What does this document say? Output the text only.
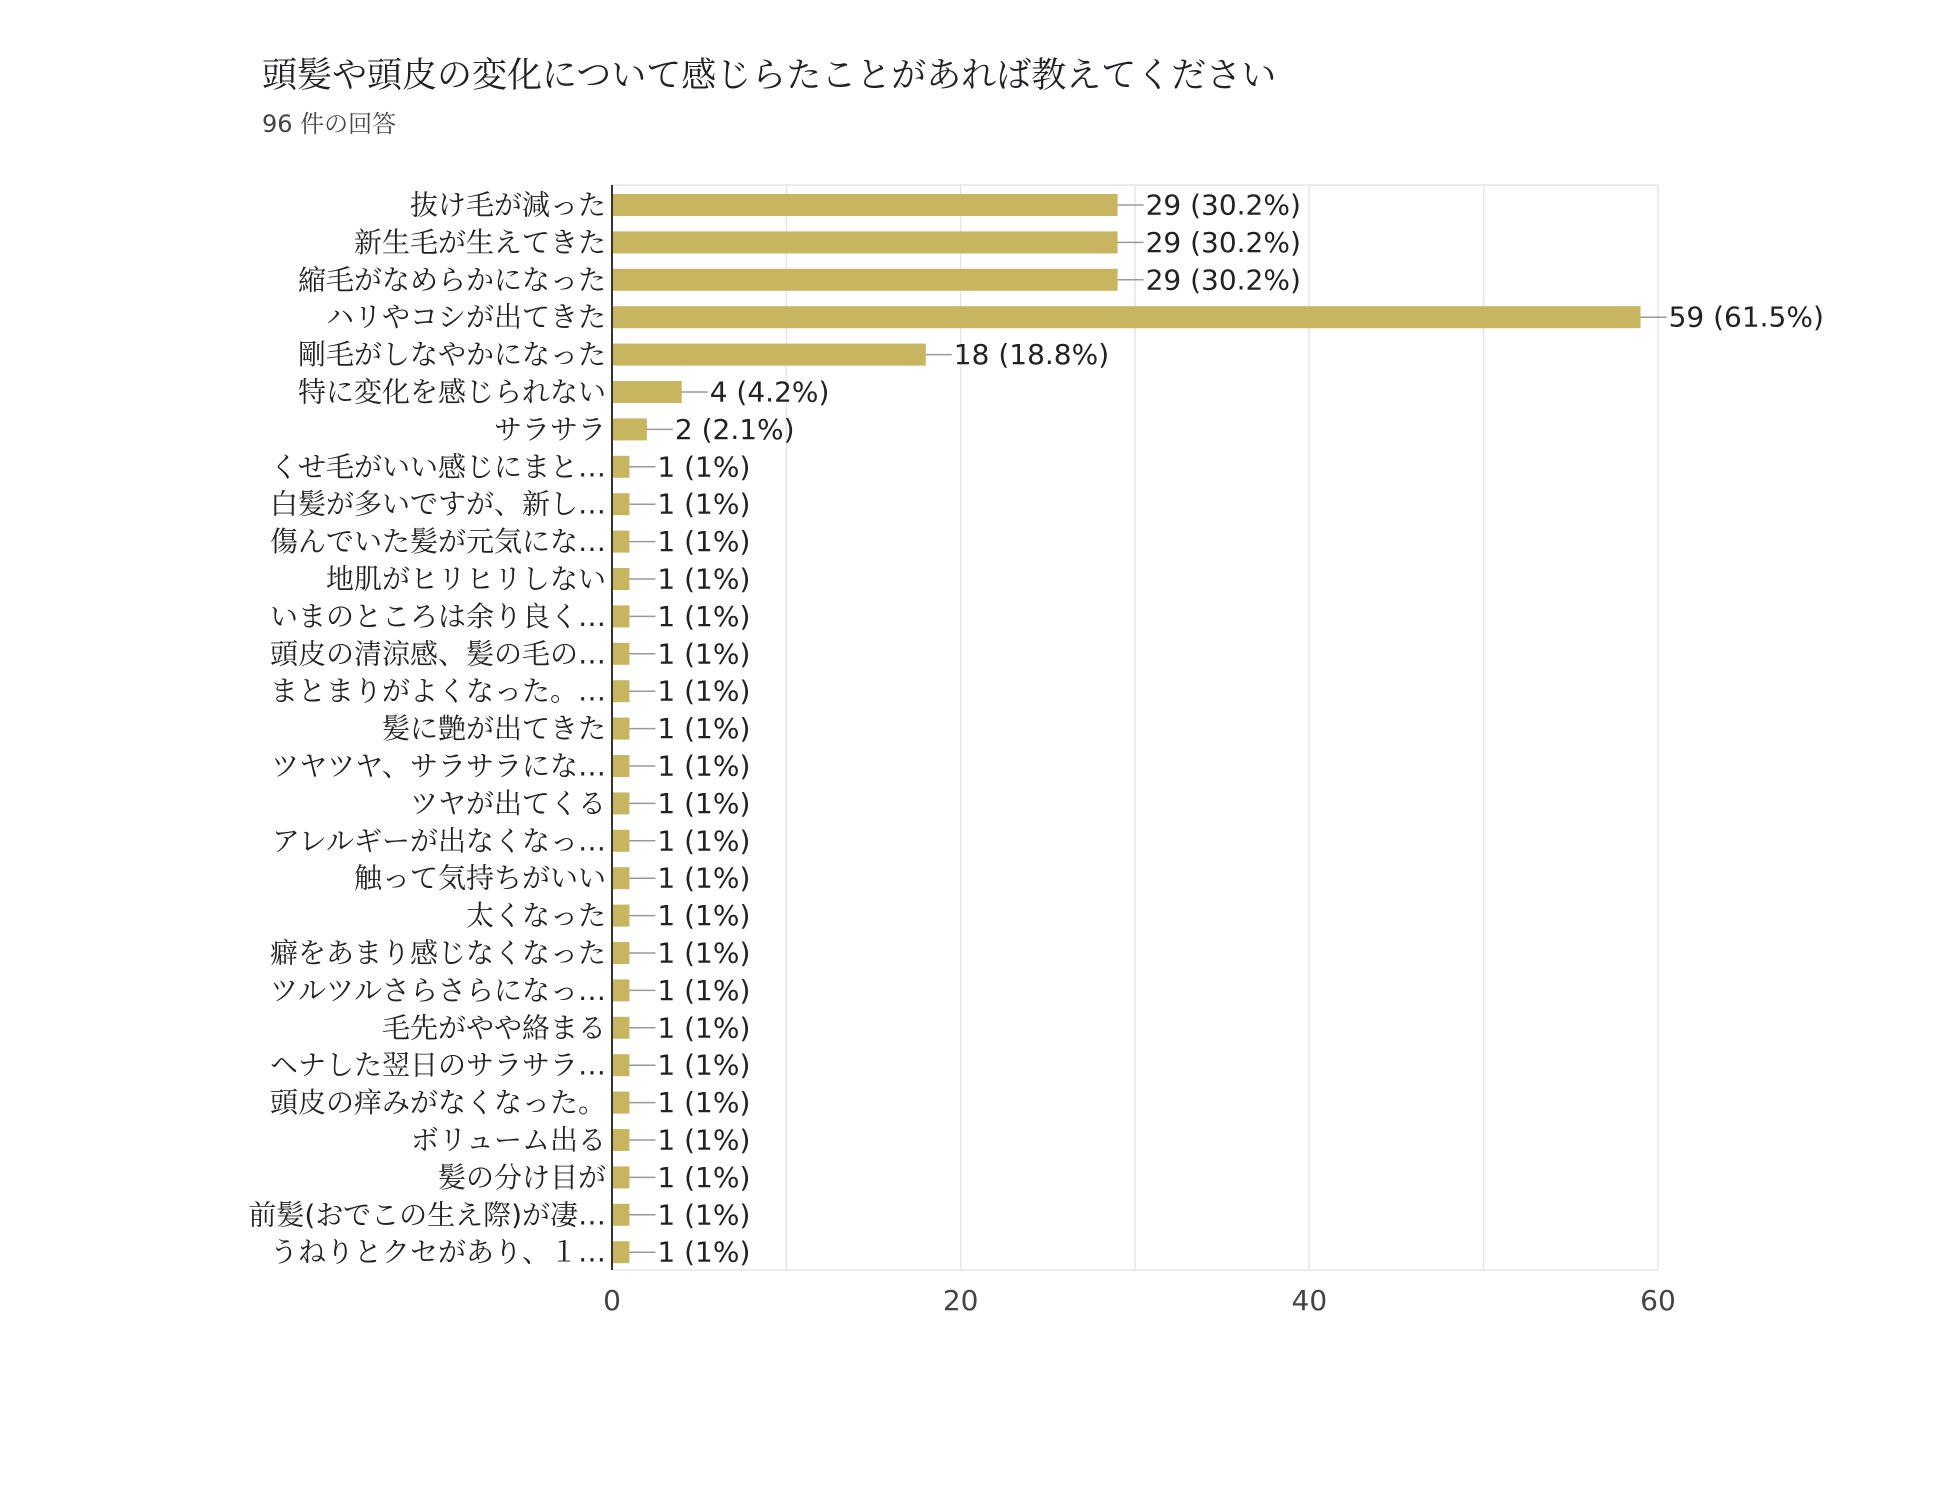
頭髪や頭皮の変化について感じらたことがあれば教えてください
96 件の回答
抜け毛が減った
新生毛が生えてきた
縮毛がなめらかになった
ハリやコシが出てきた
剛毛がしなやかになった
特に変化を感じられない
サラサラ
くせ毛がいい感じにまと…
白髪が多いですが、新し…
傷んでいた髪が元気にな…
地肌がヒリヒリしない
いまのところは余り良く…
頭皮の清涼感、髪の毛の…
まとまりがよくなった。…
髪に艶が出てきた
ツヤツヤ、サラサラにな…
ツヤが出てくる
アレルギーが出なくなっ…
触って気持ちがいい
太くなった
癖をあまり感じなくなった
ツルツルさらさらになっ…
毛先がやや絡まる
ヘナした翌日のサラサラ…
頭皮の痒みがなくなった。
ボリューム出る
髪の分け目が
前髪(おでこの生え際)が凄…
うねりとクセがあり、１…
29 (30.2%)
29 (30.2%)
29 (30.2%)
59 (61.5%)
18 (18.8%)
4 (4.2%)
2 (2.1%)
1 (1%)
1 (1%)
1 (1%)
1 (1%)
1 (1%)
1 (1%)
1 (1%)
1 (1%)
1 (1%)
1 (1%)
1 (1%)
1 (1%)
1 (1%)
1 (1%)
1 (1%)
1 (1%)
1 (1%)
1 (1%)
1 (1%)
1 (1%)
1 (1%)
1 (1%)
0	20	40	60
